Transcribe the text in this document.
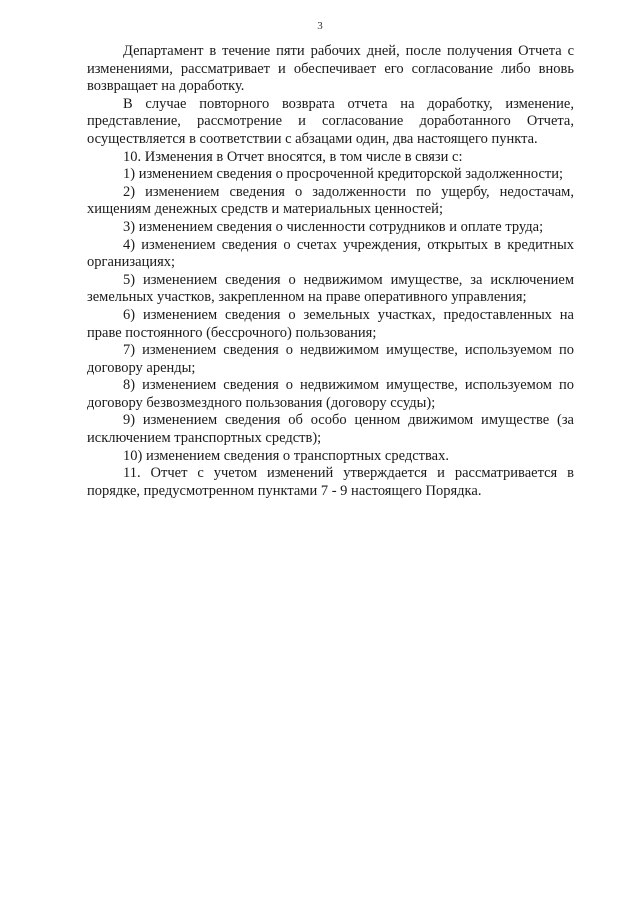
3

Департамент в течение пяти рабочих дней, после получения Отчета с изменениями, рассматривает и обеспечивает его согласование либо вновь возвращает на доработку.

В случае повторного возврата отчета на доработку, изменение, представление, рассмотрение и согласование доработанного Отчета, осуществляется в соответствии с абзацами один, два настоящего пункта.

10. Изменения в Отчет вносятся, в том числе в связи с:

1) изменением сведения о просроченной кредиторской задолженности;

2) изменением сведения о задолженности по ущербу, недостачам, хищениям денежных средств и материальных ценностей;

3) изменением сведения о численности сотрудников и оплате труда;

4) изменением сведения о счетах учреждения, открытых в кредитных организациях;

5) изменением сведения о недвижимом имуществе, за исключением земельных участков, закрепленном на праве оперативного управления;

6) изменением сведения о земельных участках, предоставленных на праве постоянного (бессрочного) пользования;

7) изменением сведения о недвижимом имуществе, используемом по договору аренды;

8) изменением сведения о недвижимом имуществе, используемом по договору безвозмездного пользования (договору ссуды);

9) изменением сведения об особо ценном движимом имуществе (за исключением транспортных средств);

10) изменением сведения о транспортных средствах.

11. Отчет с учетом изменений утверждается и рассматривается в порядке, предусмотренном пунктами 7 - 9 настоящего Порядка.
